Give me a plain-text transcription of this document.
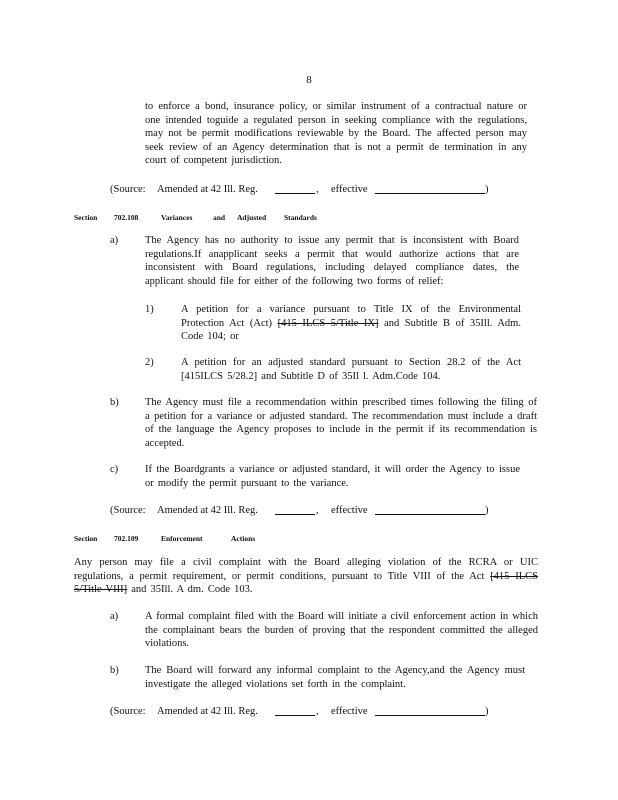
8
to enforce a bond, insurance policy, or similar instrument of a contractual nature or one intended toguide a regulated person in seeking compliance with the regulations, may not be permit modifications reviewable by the Board. The affected person may seek review of an Agency determination that is not a permit de termination in any court of competent jurisdiction.
(Source: Amended at 42 Ill. Reg.	, effective	)
Section 702.108	Variances	and Adjusted Standards
a)	The Agency has no authority to issue any permit that is inconsistent with Board regulations.If anapplicant seeks a permit that would authorize actions that are inconsistent with Board regulations, including delayed compliance dates, the applicant should file for either of the following two forms of relief:
1)	A petition for a variance pursuant to Title IX of the Environmental Protection Act (Act) [415 ILCS 5/Title IX] and Subtitle B of 35Ill. Adm. Code 104; or
2)	A petition for an adjusted standard pursuant to Section 28.2 of the Act [415ILCS 5/28.2] and Subtitle D of 35Il l. Adm.Code 104.
b)	The Agency must file a recommendation within prescribed times following the filing of a petition for a variance or adjusted standard. The recommendation must include a draft of the language the Agency proposes to include in the permit if its recommendation is accepted.
c)	If the Boardgrants a variance or adjusted standard, it will order the Agency to issue or modify the permit pursuant to the variance.
(Source: Amended at 42 Ill. Reg.	, effective	)
Section 702.109	Enforcement	Actions
Any person may file a civil complaint with the Board alleging violation of the RCRA or UIC regulations, a permit requirement, or permit conditions, pursuant to Title VIII of the Act [415 ILCS 5/Title VIII] and 35Ill. A dm. Code 103.
a)	A formal complaint filed with the Board will initiate a civil enforcement action in which the complainant bears the burden of proving that the respondent committed the alleged violations.
b)	The Board will forward any informal complaint to the Agency,and the Agency must investigate the alleged violations set forth in the complaint.
(Source: Amended at 42 Ill. Reg.	, effective	)
